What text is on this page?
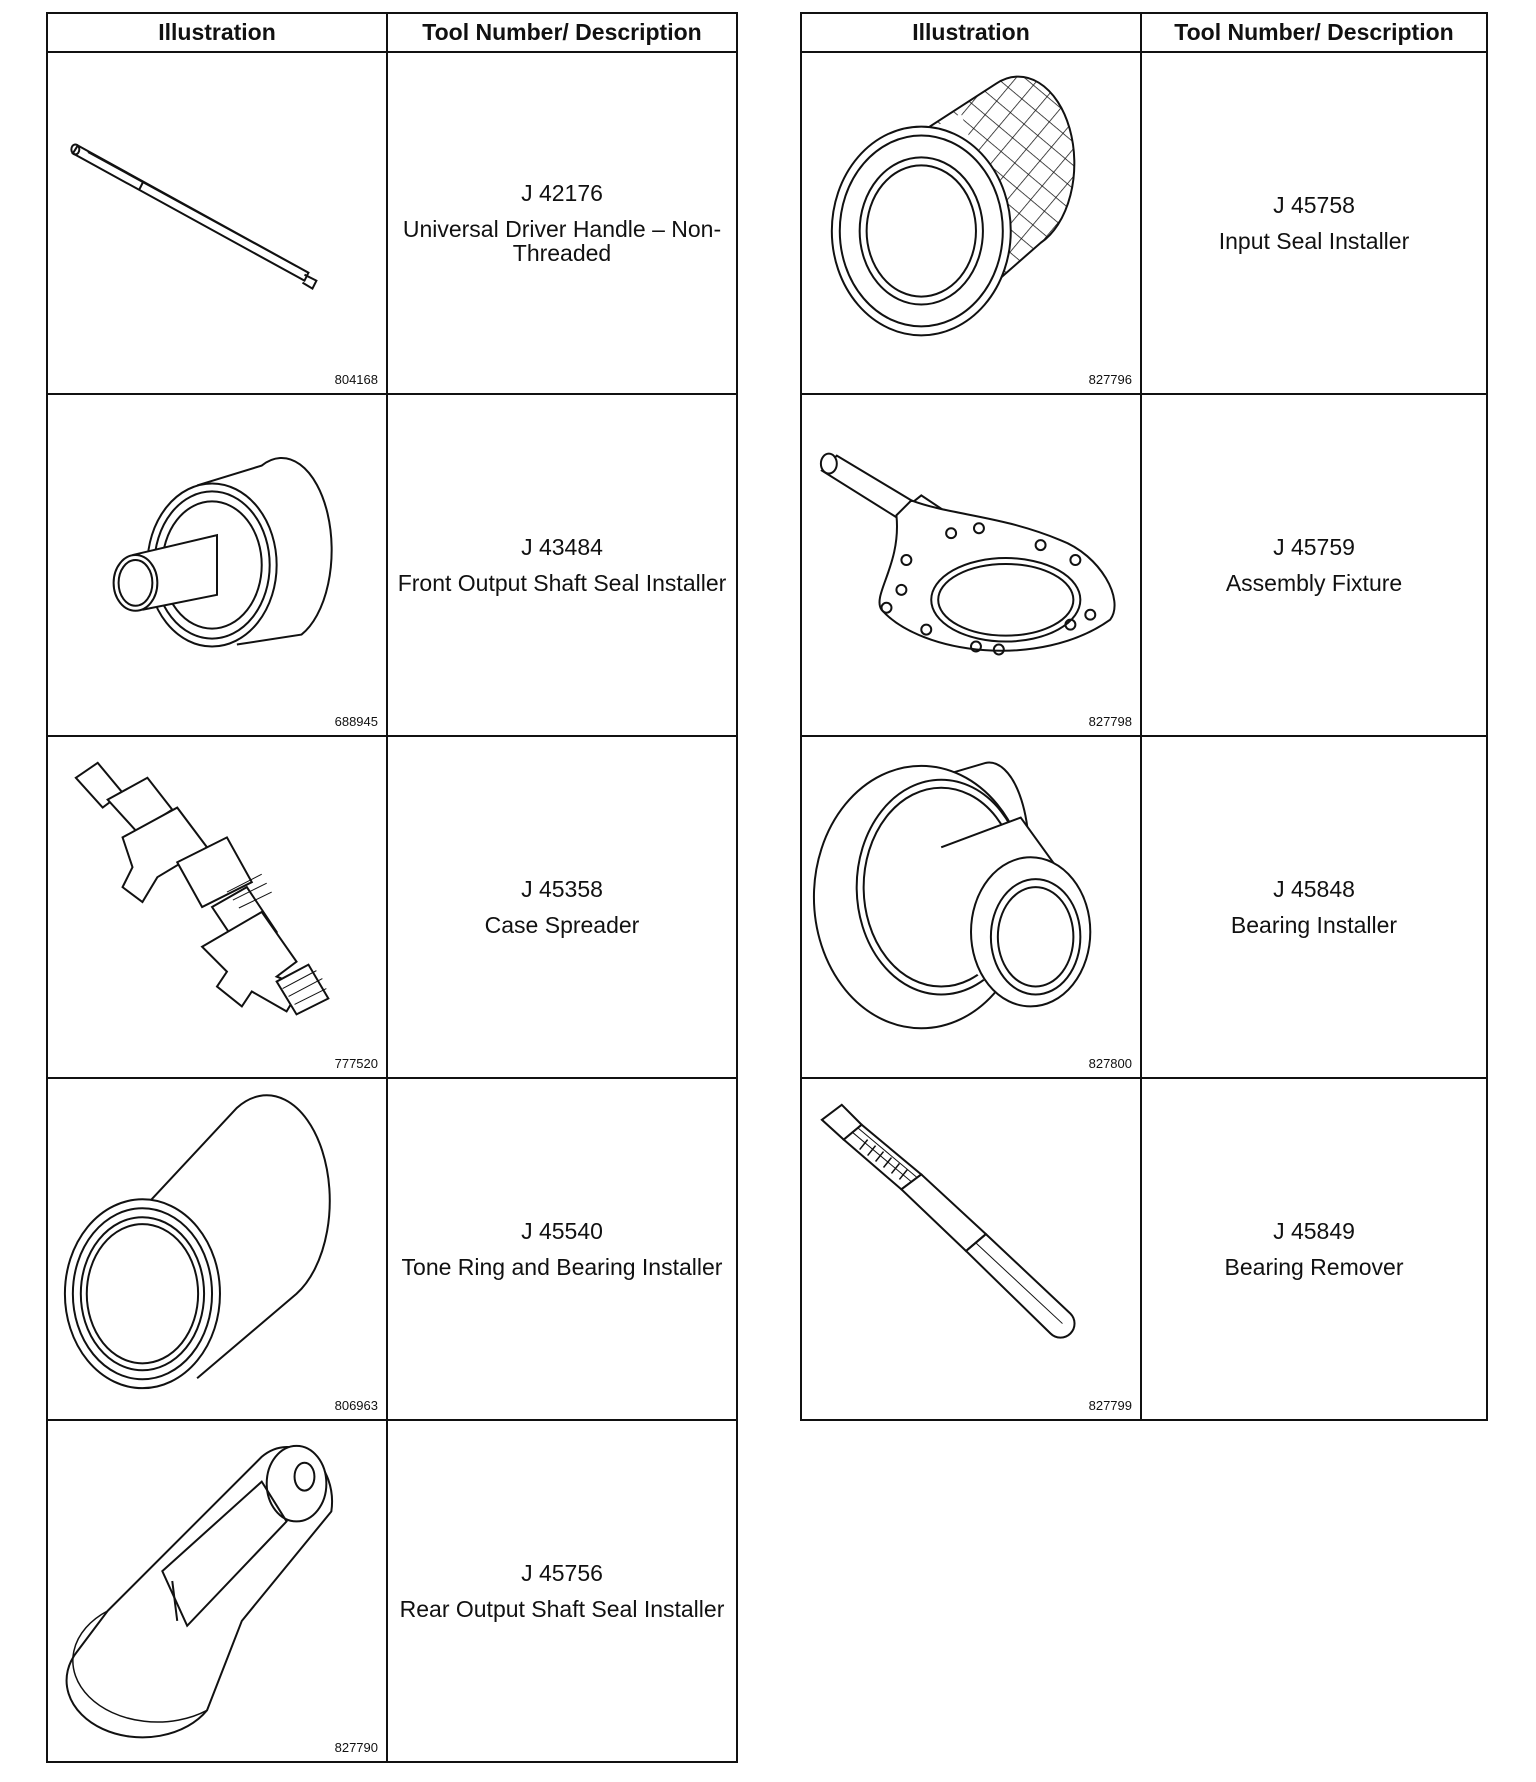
Illustration	Tool Number/ Description

804168	J 42176
Universal Driver Handle – Non-Threaded

688945	J 43484
Front Output Shaft Seal Installer

777520	J 45358
Case Spreader

806963	J 45540
Tone Ring and Bearing Installer

827790	J 45756
Rear Output Shaft Seal Installer
Illustration	Tool Number/ Description

827796	J 45758
Input Seal Installer

827798	J 45759
Assembly Fixture

827800	J 45848
Bearing Installer

827799	J 45849
Bearing Remover
